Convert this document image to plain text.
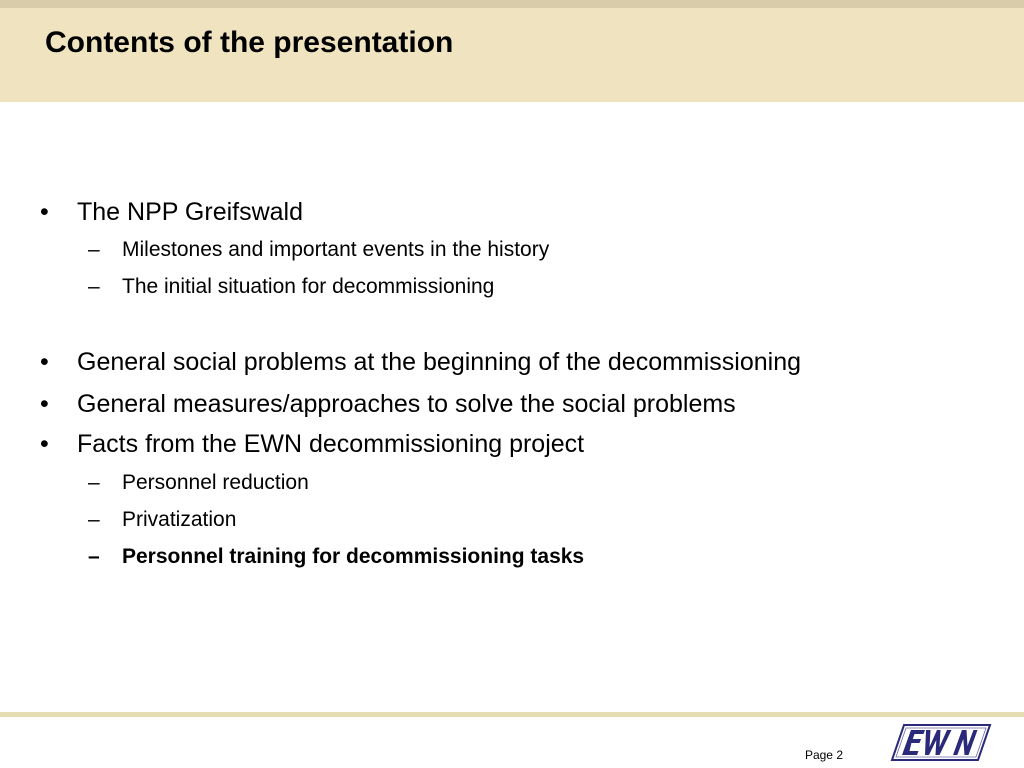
Contents of the presentation
•	The NPP Greifswald
– Milestones and important events in the history
– The initial situation for decommissioning
•	General social problems at the beginning of the decommissioning
•	General measures/approaches to solve the social problems
•	Facts from the EWN decommissioning project
– Personnel reduction
– Privatization
– Personnel training for decommissioning tasks
Page 2
